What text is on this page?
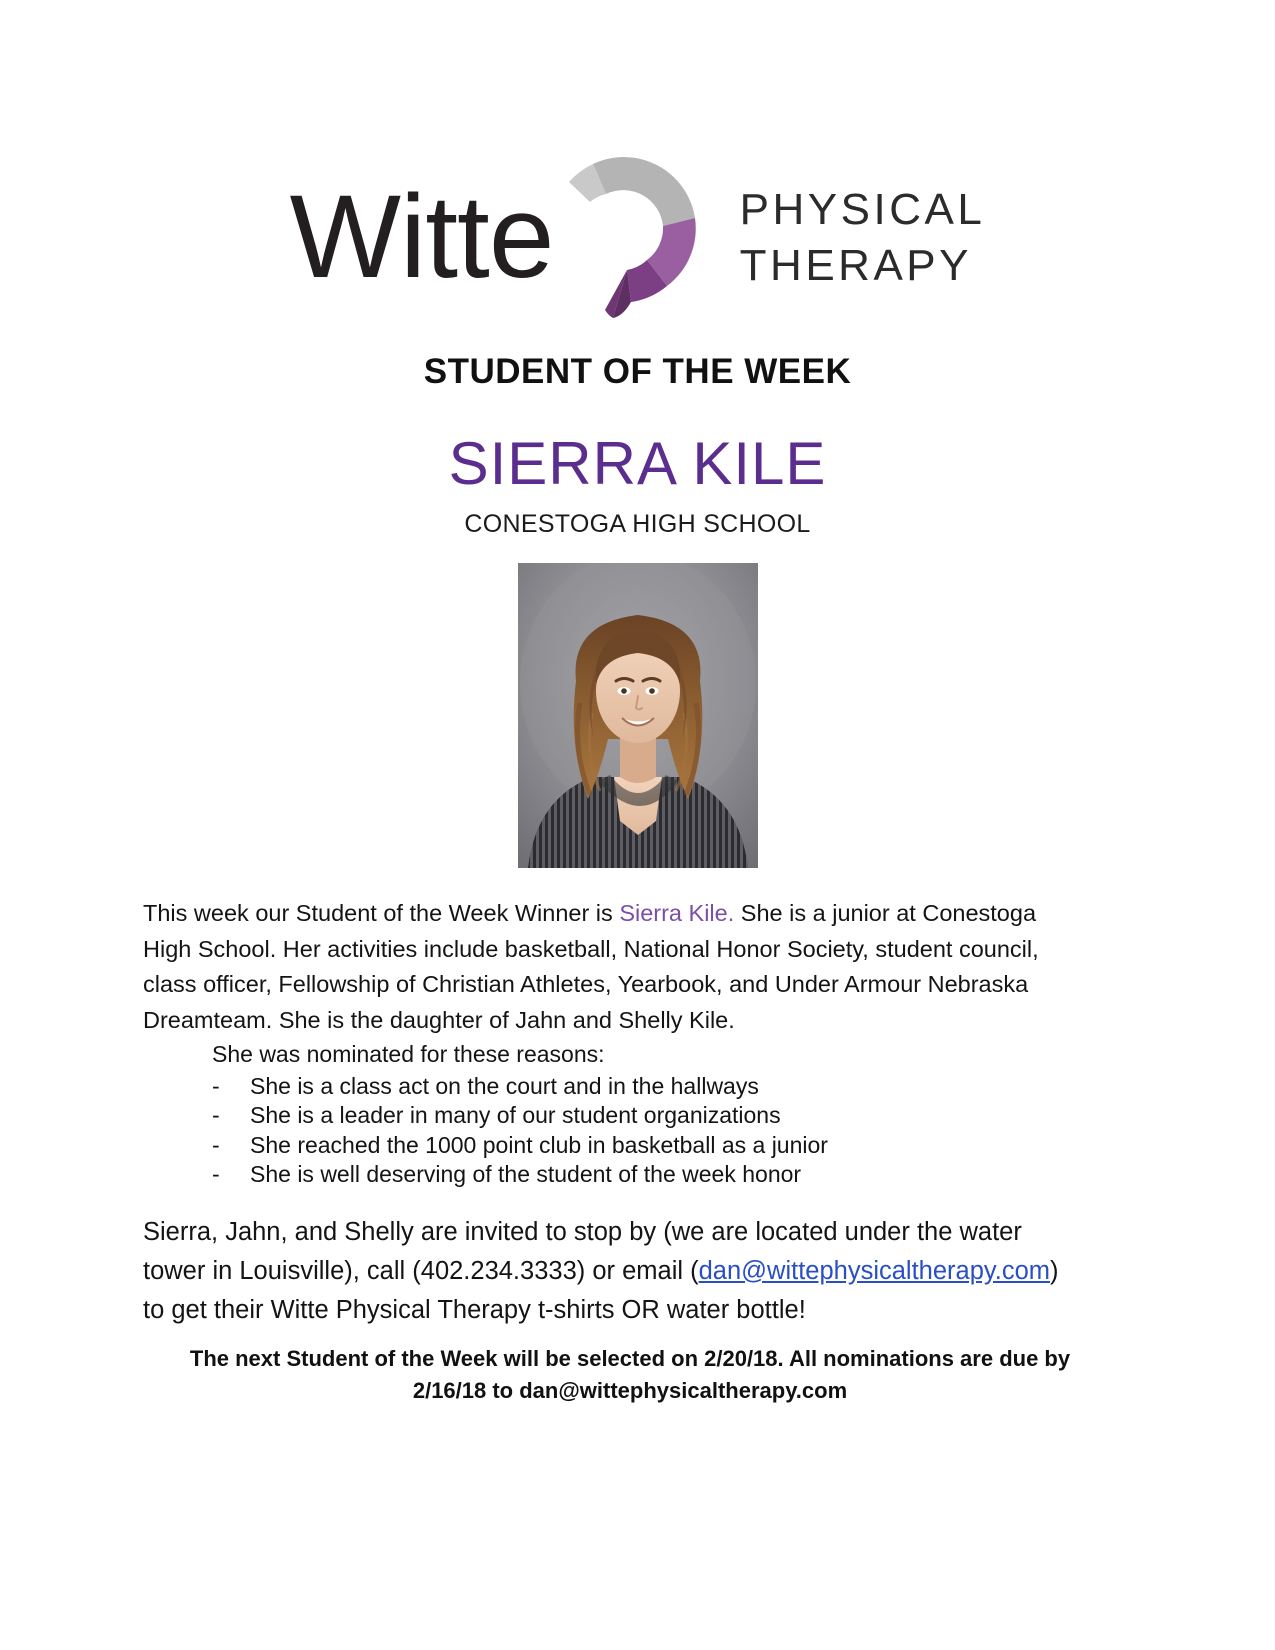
Witte	PHYSICAL
THERAPY
STUDENT OF THE WEEK
SIERRA KILE
CONESTOGA HIGH SCHOOL
This week our Student of the Week Winner is Sierra Kile. She is a junior at Conestoga High School. Her activities include basketball, National Honor Society, student council, class officer, Fellowship of Christian Athletes, Yearbook, and Under Armour Nebraska Dreamteam. She is the daughter of Jahn and Shelly Kile.
She was nominated for these reasons:
-	She is a class act on the court and in the hallways
-	She is a leader in many of our student organizations
-	She reached the 1000 point club in basketball as a junior
-	She is well deserving of the student of the week honor
Sierra, Jahn, and Shelly are invited to stop by (we are located under the water tower in Louisville), call (402.234.3333) or email (dan@wittephysicaltherapy.com) to get their Witte Physical Therapy t-shirts OR water bottle!
The next Student of the Week will be selected on 2/20/18. All nominations are due by
2/16/18 to dan@wittephysicaltherapy.com
